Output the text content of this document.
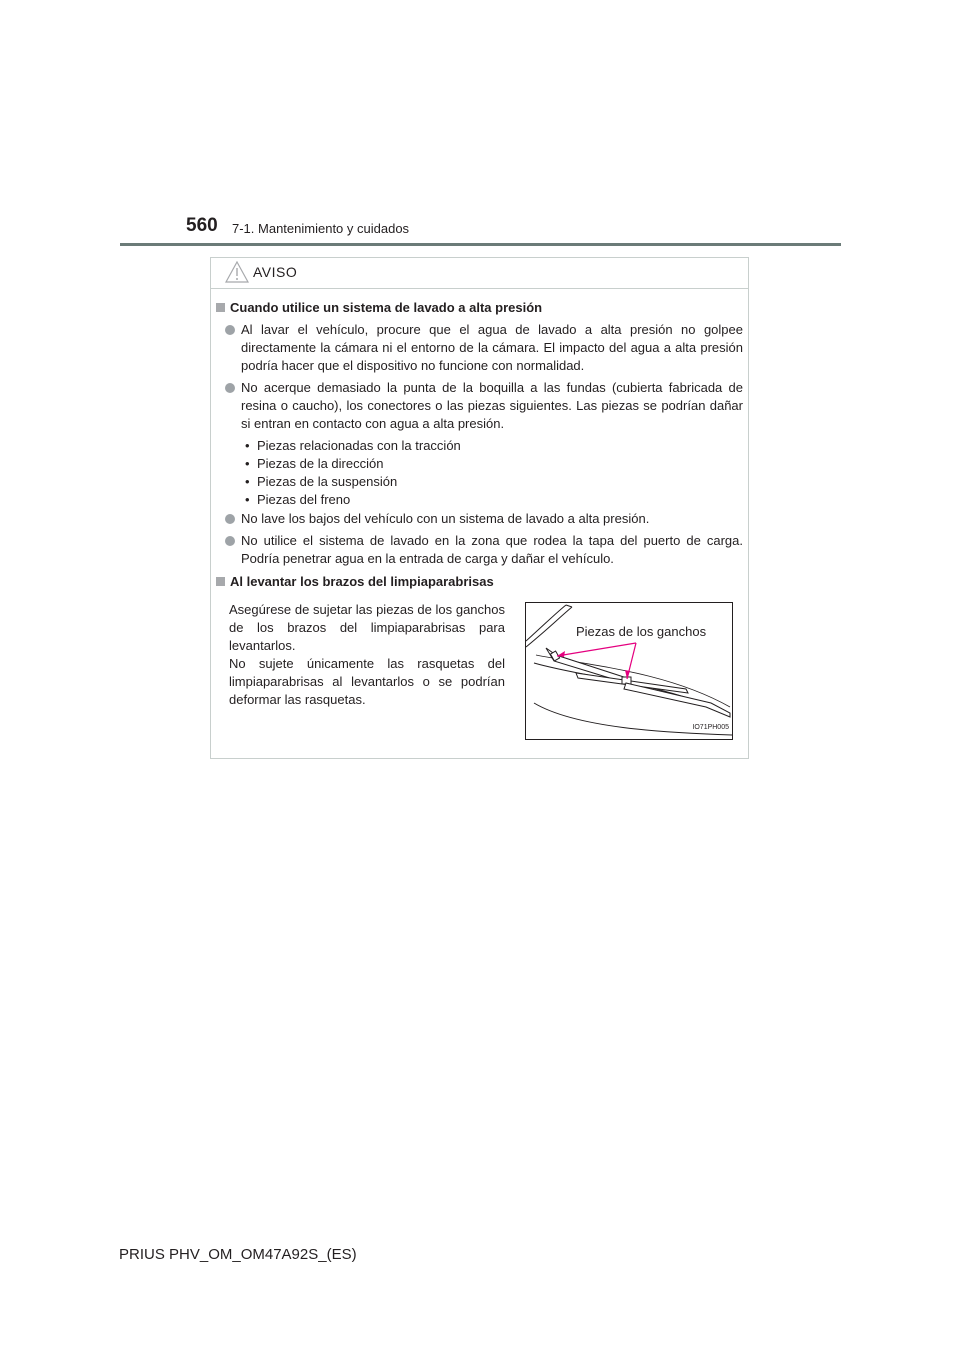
560 7-1. Mantenimiento y cuidados
AVISO
Cuando utilice un sistema de lavado a alta presión
Al lavar el vehículo, procure que el agua de lavado a alta presión no golpee directamente la cámara ni el entorno de la cámara. El impacto del agua a alta presión podría hacer que el dispositivo no funcione con normalidad.
No acerque demasiado la punta de la boquilla a las fundas (cubierta fabricada de resina o caucho), los conectores o las piezas siguientes. Las piezas se podrían dañar si entran en contacto con agua a alta presión.
• Piezas relacionadas con la tracción
• Piezas de la dirección
• Piezas de la suspensión
• Piezas del freno
No lave los bajos del vehículo con un sistema de lavado a alta presión.
No utilice el sistema de lavado en la zona que rodea la tapa del puerto de carga. Podría penetrar agua en la entrada de carga y dañar el vehículo.
Al levantar los brazos del limpiaparabrisas
Asegúrese de sujetar las piezas de los ganchos de los brazos del limpiaparabrisas para levantarlos.
No sujete únicamente las rasquetas del limpiaparabrisas al levantarlos o se podrían deformar las rasquetas.
Piezas de los ganchos
IO71PH005
PRIUS PHV_OM_OM47A92S_(ES)
